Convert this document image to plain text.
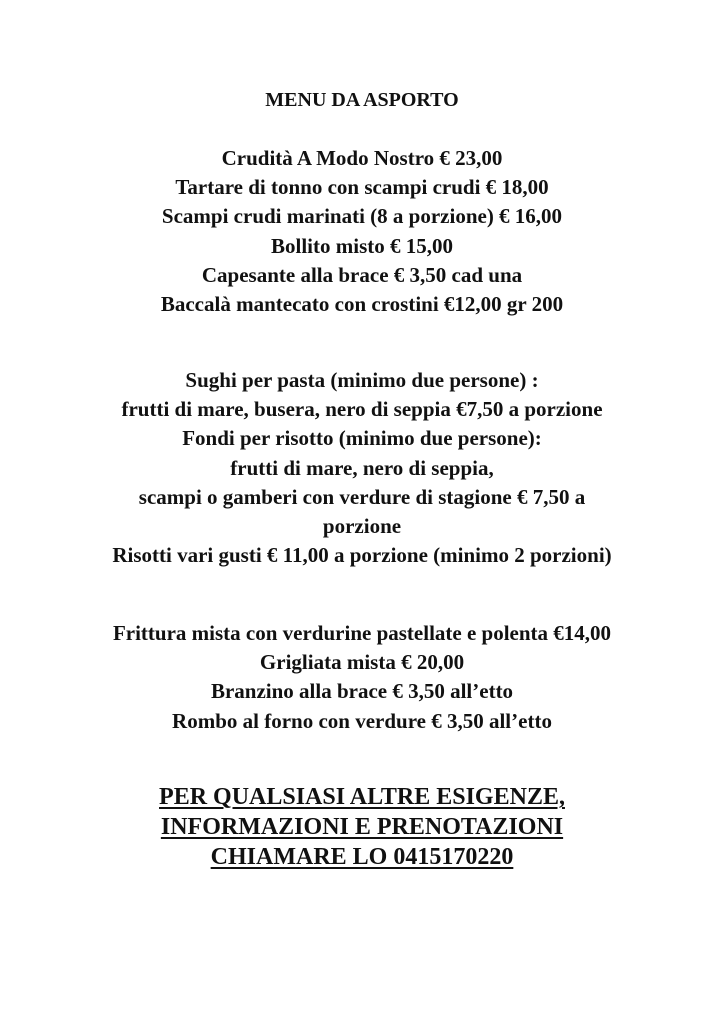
MENU DA ASPORTO
Crudità A Modo Nostro € 23,00
Tartare di tonno con scampi crudi € 18,00
Scampi crudi marinati (8 a porzione) € 16,00
Bollito misto € 15,00
Capesante alla brace € 3,50 cad una
Baccalà mantecato con crostini €12,00 gr 200
Sughi per pasta (minimo due persone) :
frutti di mare, busera, nero di seppia €7,50 a porzione
Fondi per risotto (minimo due persone):
frutti di mare, nero di seppia,
scampi o gamberi con verdure di stagione € 7,50 a
porzione
Risotti vari gusti € 11,00 a porzione (minimo 2 porzioni)
Frittura mista con verdurine pastellate e polenta €14,00
Grigliata mista € 20,00
Branzino alla brace € 3,50 all’etto
Rombo al forno con verdure € 3,50 all’etto
PER QUALSIASI ALTRE ESIGENZE,
INFORMAZIONI E PRENOTAZIONI
CHIAMARE LO 0415170220
